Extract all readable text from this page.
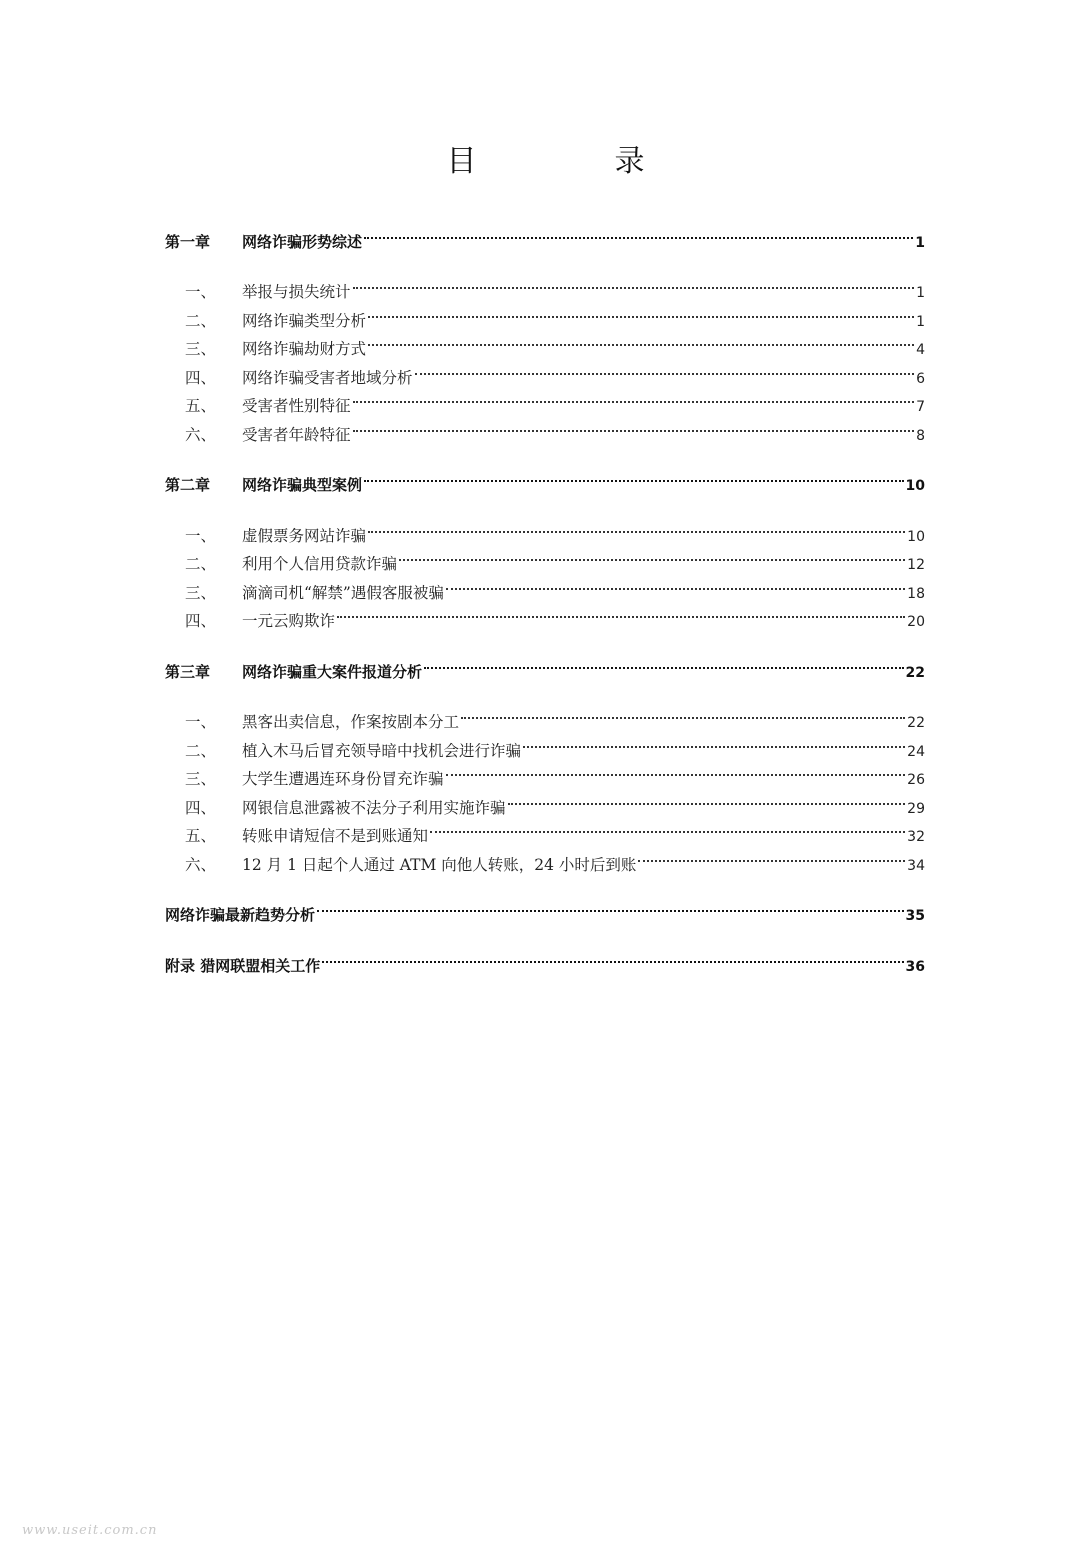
目　录
第一章	网络诈骗形势综述	1
一、	举报与损失统计	1
二、	网络诈骗类型分析	1
三、	网络诈骗劫财方式	4
四、	网络诈骗受害者地域分析	6
五、	受害者性别特征	7
六、	受害者年龄特征	8
第二章	网络诈骗典型案例	10
一、	虚假票务网站诈骗	10
二、	利用个人信用贷款诈骗	12
三、	滴滴司机“解禁”遇假客服被骗	18
四、	一元云购欺诈	20
第三章	网络诈骗重大案件报道分析	22
一、	黑客出卖信息，作案按剧本分工	22
二、	植入木马后冒充领导暗中找机会进行诈骗	24
三、	大学生遭遇连环身份冒充诈骗	26
四、	网银信息泄露被不法分子利用实施诈骗	29
五、	转账申请短信不是到账通知	32
六、	12 月 1 日起个人通过 ATM 向他人转账，24 小时后到账	34
网络诈骗最新趋势分析	35
附录 猎网联盟相关工作	36
www.useit.com.cn
